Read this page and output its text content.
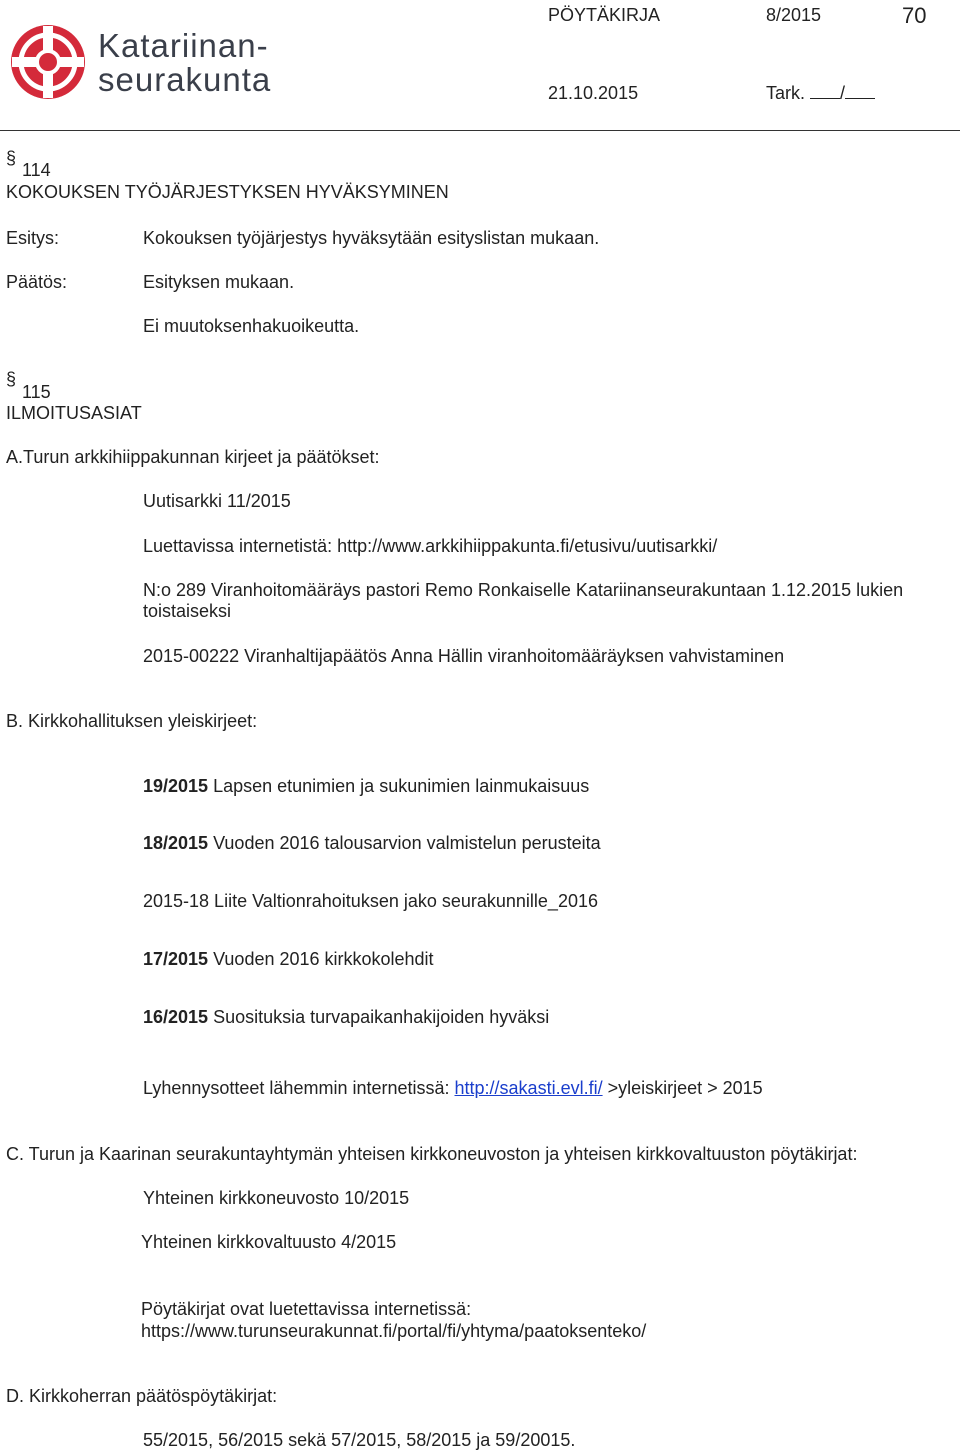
Katariinan-
seurakunta
PÖYTÄKIRJA	8/2015	70
21.10.2015	Tark. /
§
114
KOKOUKSEN TYÖJÄRJESTYKSEN HYVÄKSYMINEN
Esitys:	Kokouksen työjärjestys hyväksytään esityslistan mukaan.
Päätös:	Esityksen mukaan.
Ei muutoksenhakuoikeutta.
§
115
ILMOITUSASIAT
A.Turun arkkihiippakunnan kirjeet ja päätökset:
Uutisarkki 11/2015
Luettavissa internetistä: http://www.arkkihiippakunta.fi/etusivu/uutisarkki/
N:o 289 Viranhoitomääräys pastori Remo Ronkaiselle Katariinanseurakuntaan 1.12.2015 lukien
toistaiseksi
2015-00222 Viranhaltijapäätös Anna Hällin viranhoitomääräyksen vahvistaminen
B. Kirkkohallituksen yleiskirjeet:
19/2015 Lapsen etunimien ja sukunimien lainmukaisuus
18/2015 Vuoden 2016 talousarvion valmistelun perusteita
2015-18 Liite Valtionrahoituksen jako seurakunnille_2016
17/2015 Vuoden 2016 kirkkokolehdit
16/2015 Suosituksia turvapaikanhakijoiden hyväksi
Lyhennysotteet lähemmin internetissä: http://sakasti.evl.fi/ >yleiskirjeet > 2015
C. Turun ja Kaarinan seurakuntayhtymän yhteisen kirkkoneuvoston ja yhteisen kirkkovaltuuston pöytäkirjat:
Yhteinen kirkkoneuvosto 10/2015
Yhteinen kirkkovaltuusto 4/2015
Pöytäkirjat ovat luetettavissa internetissä:
https://www.turunseurakunnat.fi/portal/fi/yhtyma/paatoksenteko/
D. Kirkkoherran päätöspöytäkirjat:
55/2015, 56/2015 sekä 57/2015, 58/2015 ja 59/20015.
